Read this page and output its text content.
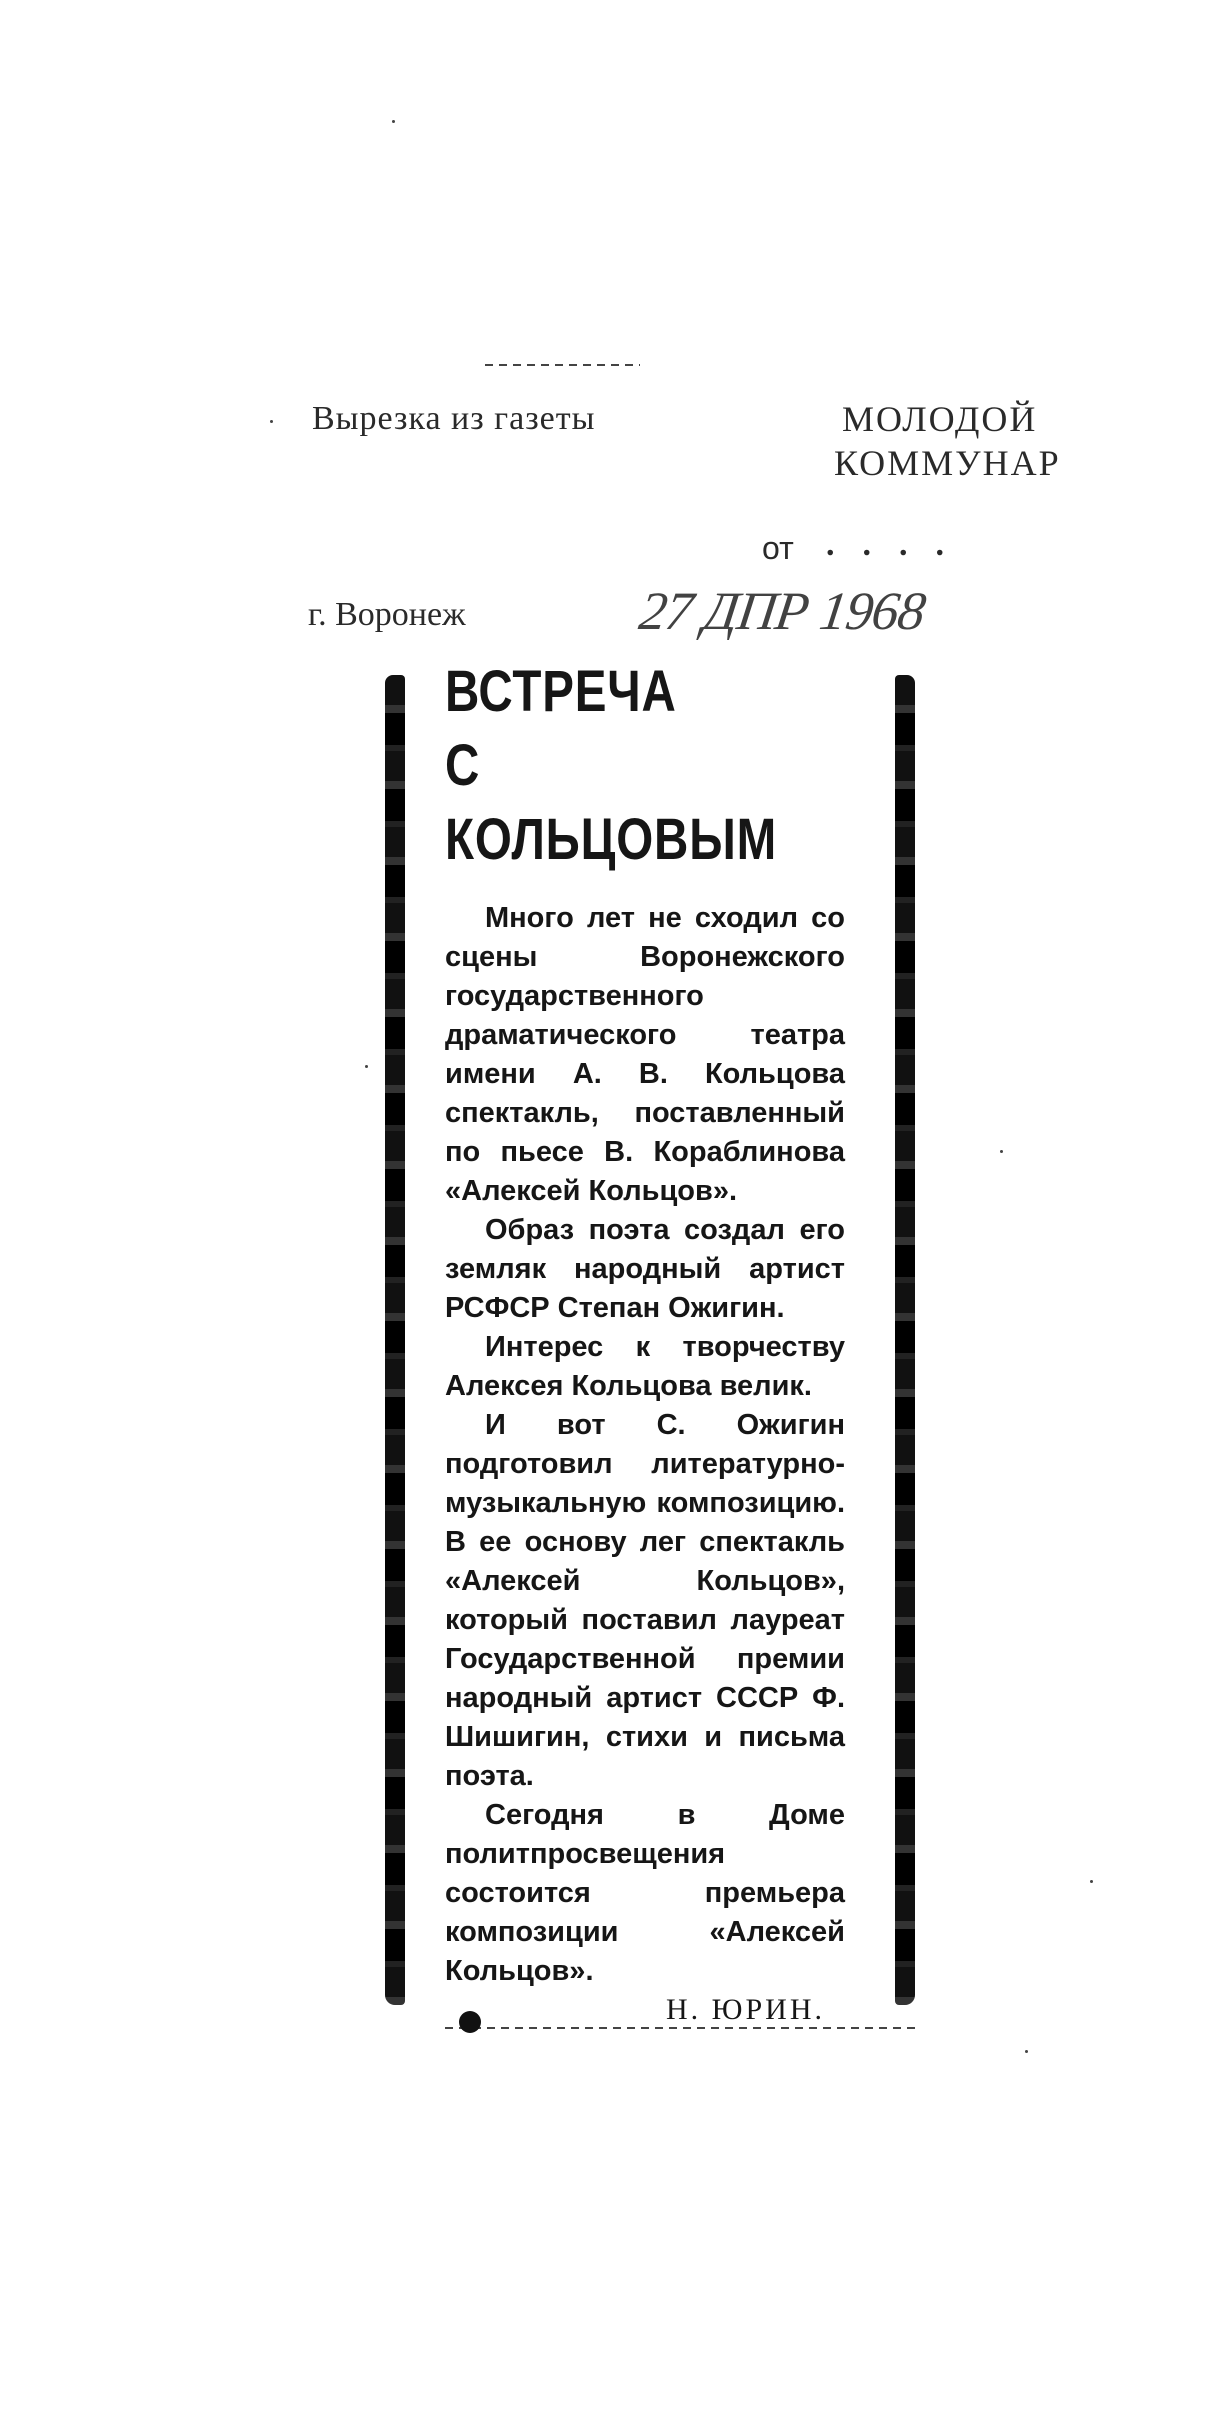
Вырезка из газеты	МОЛОДОЙ
КОММУНАР
от ....
г. Воронеж	27 ДПР 1968
ВСТРЕЧА
С КОЛЬЦОВЫМ

Много лет не сходил со сцены Воронежского государственного драматического театра имени А. В. Кольцова спектакль, поставленный по пьесе В. Кораблинова «Алексей Кольцов».

Образ поэта создал его земляк народный артист РСФСР Степан Ожигин.

Интерес к творчеству Алексея Кольцова велик.

И вот С. Ожигин подготовил литературно-музыкальную композицию. В ее основу лег спектакль «Алексей Кольцов», который поставил лауреат Государственной премии народный артист СССР Ф. Шишигин, стихи и письма поэта.

Сегодня в Доме политпросвещения состоится премьера композиции «Алексей Кольцов».

Н. ЮРИН.
